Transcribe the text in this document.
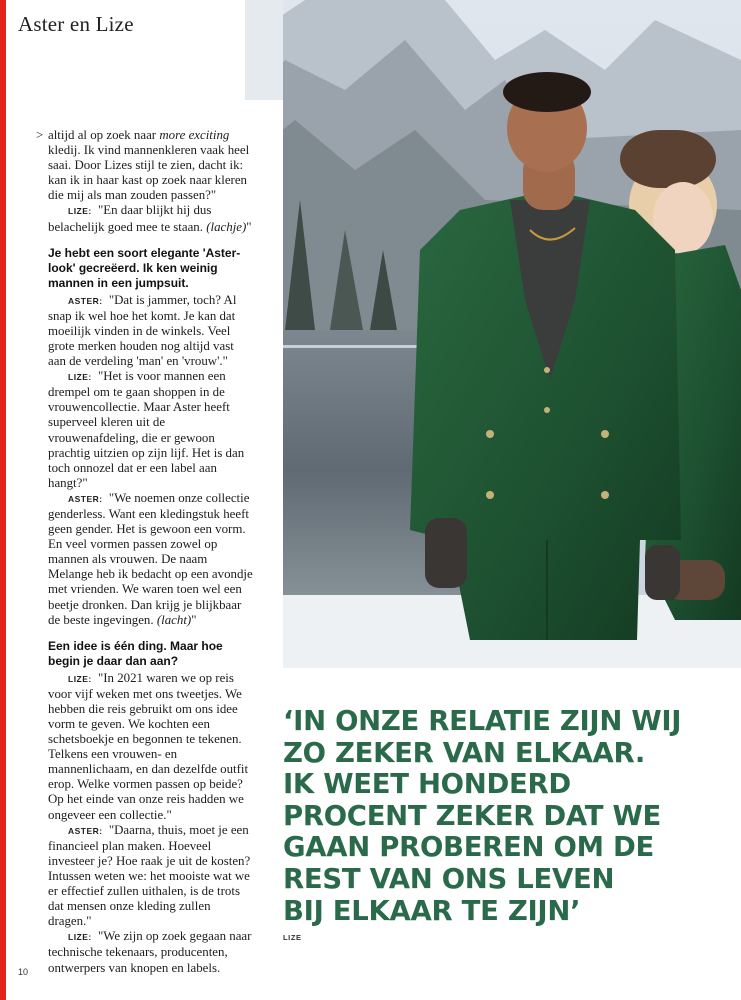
Aster en Lize

> altijd al op zoek naar more exciting kledij. Ik vind mannenkleren vaak heel saai. Door Lizes stijl te zien, dacht ik: kan ik in haar kast op zoek naar kleren die mij als man zouden passen?"

LIZE: "En daar blijkt hij dus belachelijk goed mee te staan. (lachje)"

Je hebt een soort elegante 'Aster-look' gecreëerd. Ik ken weinig mannen in een jumpsuit.

ASTER: "Dat is jammer, toch? Al snap ik wel hoe het komt. Je kan dat moeilijk vinden in de winkels. Veel grote merken houden nog altijd vast aan de verdeling 'man' en 'vrouw'."

LIZE: "Het is voor mannen een drempel om te gaan shoppen in de vrouwencollectie. Maar Aster heeft superveel kleren uit de vrouwenafdeling, die er gewoon prachtig uitzien op zijn lijf. Het is dan toch onnozel dat er een label aan hangt?"

ASTER: "We noemen onze collectie genderless. Want een kledingstuk heeft geen gender. Het is gewoon een vorm. En veel vormen passen zowel op mannen als vrouwen. De naam Melange heb ik bedacht op een avondje met vrienden. We waren toen wel een beetje dronken. Dan krijg je blijkbaar de beste ingevingen. (lacht)"

Een idee is één ding. Maar hoe begin je daar dan aan?

LIZE: "In 2021 waren we op reis voor vijf weken met ons tweetjes. We hebben die reis gebruikt om ons idee vorm te geven. We kochten een schetsboekje en begonnen te tekenen. Telkens een vrouwen- en mannenlichaam, en dan dezelfde outfit erop. Welke vormen passen op beide? Op het einde van onze reis hadden we ongeveer een collectie."

ASTER: "Daarna, thuis, moet je een financieel plan maken. Hoeveel investeer je? Hoe raak je uit de kosten? Intussen weten we: het mooiste wat we er effectief zullen uithalen, is de trots dat mensen onze kleding zullen dragen."

LIZE: "We zijn op zoek gegaan naar technische tekenaars, producenten, ontwerpers van knopen en labels.

‘IN ONZE RELATIE ZIJN WIJ
ZO ZEKER VAN ELKAAR.
IK WEET HONDERD
PROCENT ZEKER DAT WE
GAAN PROBEREN OM DE
REST VAN ONS LEVEN
BIJ ELKAAR TE ZIJN’
LIZE
10
